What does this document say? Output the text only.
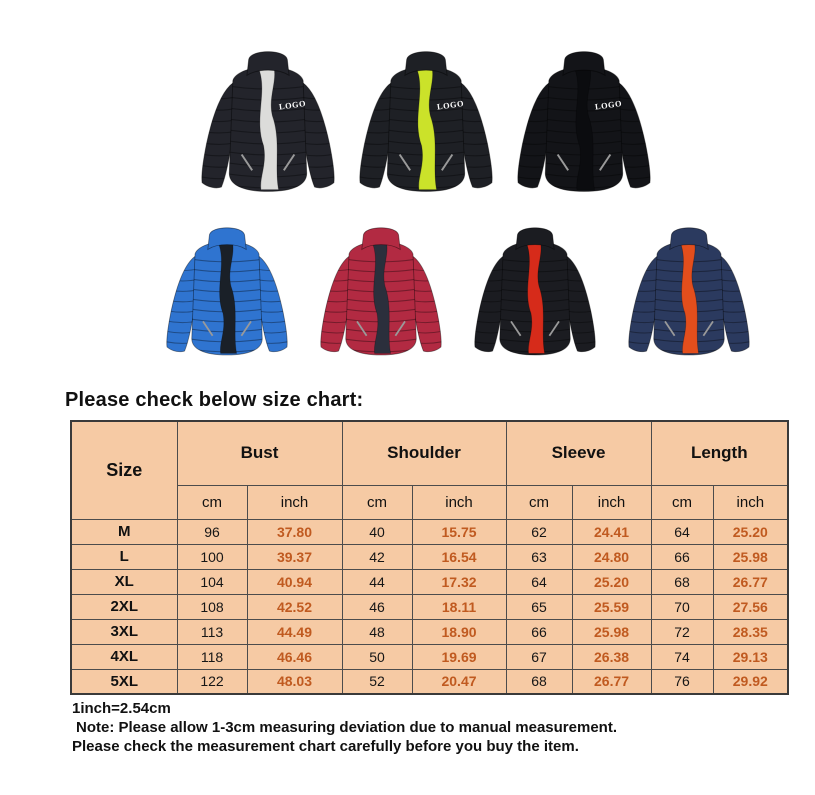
LOGO	LOGO	LOGO
Please check below size chart:
Size	Bust		Shoulder		Sleeve		Length	
	cm	inch	cm	inch	cm	inch	cm	inch
M	96	37.80	40	15.75	62	24.41	64	25.20
L	100	39.37	42	16.54	63	24.80	66	25.98
XL	104	40.94	44	17.32	64	25.20	68	26.77
2XL	108	42.52	46	18.11	65	25.59	70	27.56
3XL	113	44.49	48	18.90	66	25.98	72	28.35
4XL	118	46.46	50	19.69	67	26.38	74	29.13
5XL	122	48.03	52	20.47	68	26.77	76	29.92
1inch=2.54cm
Note: Please allow 1-3cm measuring deviation due to manual measurement.
Please check the measurement chart carefully before you buy the item.
